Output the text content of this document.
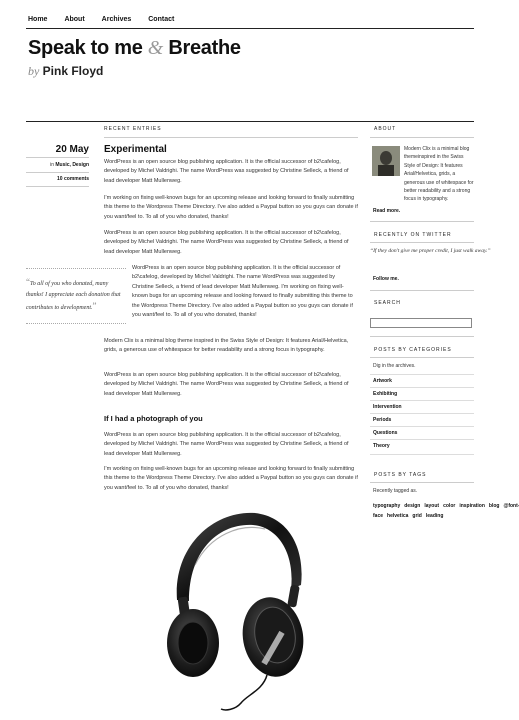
Home About Archives Contact
Speak to me & Breathe
by Pink Floyd
RECENT ENTRIES	ABOUT
20 May
in Music, Design
10 comments
Experimental

WordPress is an open source blog publishing application. It is the official successor of b2\cafelog, developed by Michel Valdrighi. The name WordPress was suggested by Christine Selleck, a friend of lead developer Matt Mullenweg.

I'm working on fixing well-known bugs for an upcoming release and looking forward to finally submitting this theme to the Wordpress Theme Directory. I've also added a Paypal button so you guys can donate if you want/feel to. To all of you who donated, thanks!

WordPress is an open source blog publishing application. It is the official successor of b2\cafelog, developed by Michel Valdrighi. The name WordPress was suggested by Christine Selleck, a friend of lead developer Matt Mullenweg.

“To all of you who donated, many thanks! I appreciate each donation that contributes to development.”

WordPress is an open source blog publishing application. It is the official successor of b2\cafelog, developed by Michel Valdrighi. The name WordPress was suggested by Christine Selleck, a friend of lead developer Matt Mullenweg. I'm working on fixing well-known bugs for an upcoming release and looking forward to finally submitting this theme to the Wordpress Theme Directory. I've also added a Paypal button so you guys can donate if you want/feel to. To all of you who donated, thanks!

Modern Clix is a minimal blog theme inspired in the Swiss Style of Design: It features Arial/Helvetica, grids, a generous use of whitespace for better readability and a strong focus in typography.

WordPress is an open source blog publishing application. It is the official successor of b2\cafelog, developed by Michel Valdrighi. The name WordPress was suggested by Christine Selleck, a friend of lead developer Matt Mullenweg.

If I had a photograph of you

WordPress is an open source blog publishing application. It is the official successor of b2\cafelog, developed by Michel Valdrighi. The name WordPress was suggested by Christine Selleck, a friend of lead developer Matt Mullenweg.

I'm working on fixing well-known bugs for an upcoming release and looking forward to finally submitting this theme to the Wordpress Theme Directory. I've also added a Paypal button so you guys can donate if you want/feel to. To all of you who donated, thanks!

Modern Clix is a minimal blog themeinspired in the Swiss Style of Design: It features Arial/Helvetica, grids, a generous use of whitespace for better readability and a strong focus in typography.

Read more.
RECENTLY ON TWITTER
“If they don't give me proper credit, I just walk away.”
Follow me.
SEARCH
POSTS BY CATEGORIES
Dig in the archives.
Artwork
Exhibiting
Intervention
Periods
Questions
Theory
POSTS BY TAGS
Recently tagged as.
typography design layout color inspiration blog @font-face helvetica grid leading
